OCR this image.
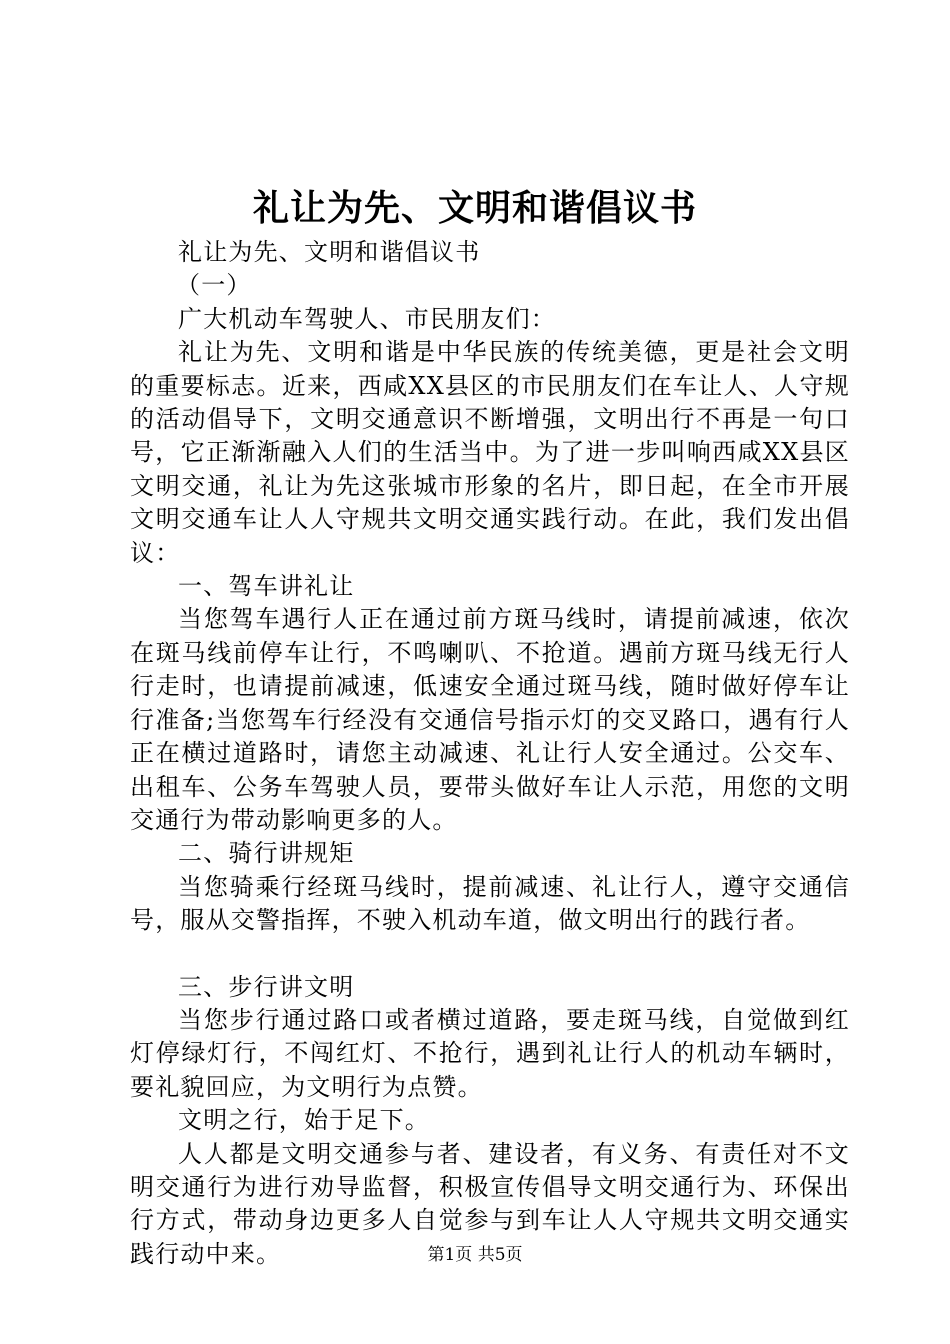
礼让为先、文明和谐倡议书

礼让为先、文明和谐倡议书

（一）

广大机动车驾驶人、市民朋友们：

礼让为先、文明和谐是中华民族的传统美德，更是社会文明的重要标志。近来，西咸XX县区的市民朋友们在车让人、人守规的活动倡导下，文明交通意识不断增强，文明出行不再是一句口号，它正渐渐融入人们的生活当中。为了进一步叫响西咸XX县区文明交通，礼让为先这张城市形象的名片，即日起，在全市开展文明交通车让人人守规共文明交通实践行动。在此，我们发出倡议：

一、驾车讲礼让

当您驾车遇行人正在通过前方斑马线时，请提前减速，依次在斑马线前停车让行，不鸣喇叭、不抢道。遇前方斑马线无行人行走时，也请提前减速，低速安全通过斑马线，随时做好停车让行准备;当您驾车行经没有交通信号指示灯的交叉路口，遇有行人正在横过道路时，请您主动减速、礼让行人安全通过。公交车、出租车、公务车驾驶人员，要带头做好车让人示范，用您的文明交通行为带动影响更多的人。

二、骑行讲规矩

当您骑乘行经斑马线时，提前减速、礼让行人，遵守交通信号，服从交警指挥，不驶入机动车道，做文明出行的践行者。

三、步行讲文明

当您步行通过路口或者横过道路，要走斑马线，自觉做到红灯停绿灯行，不闯红灯、不抢行，遇到礼让行人的机动车辆时，要礼貌回应，为文明行为点赞。

文明之行，始于足下。

人人都是文明交通参与者、建设者，有义务、有责任对不文明交通行为进行劝导监督，积极宣传倡导文明交通行为、环保出行方式，带动身边更多人自觉参与到车让人人守规共文明交通实践行动中来。	第1页 共5页
